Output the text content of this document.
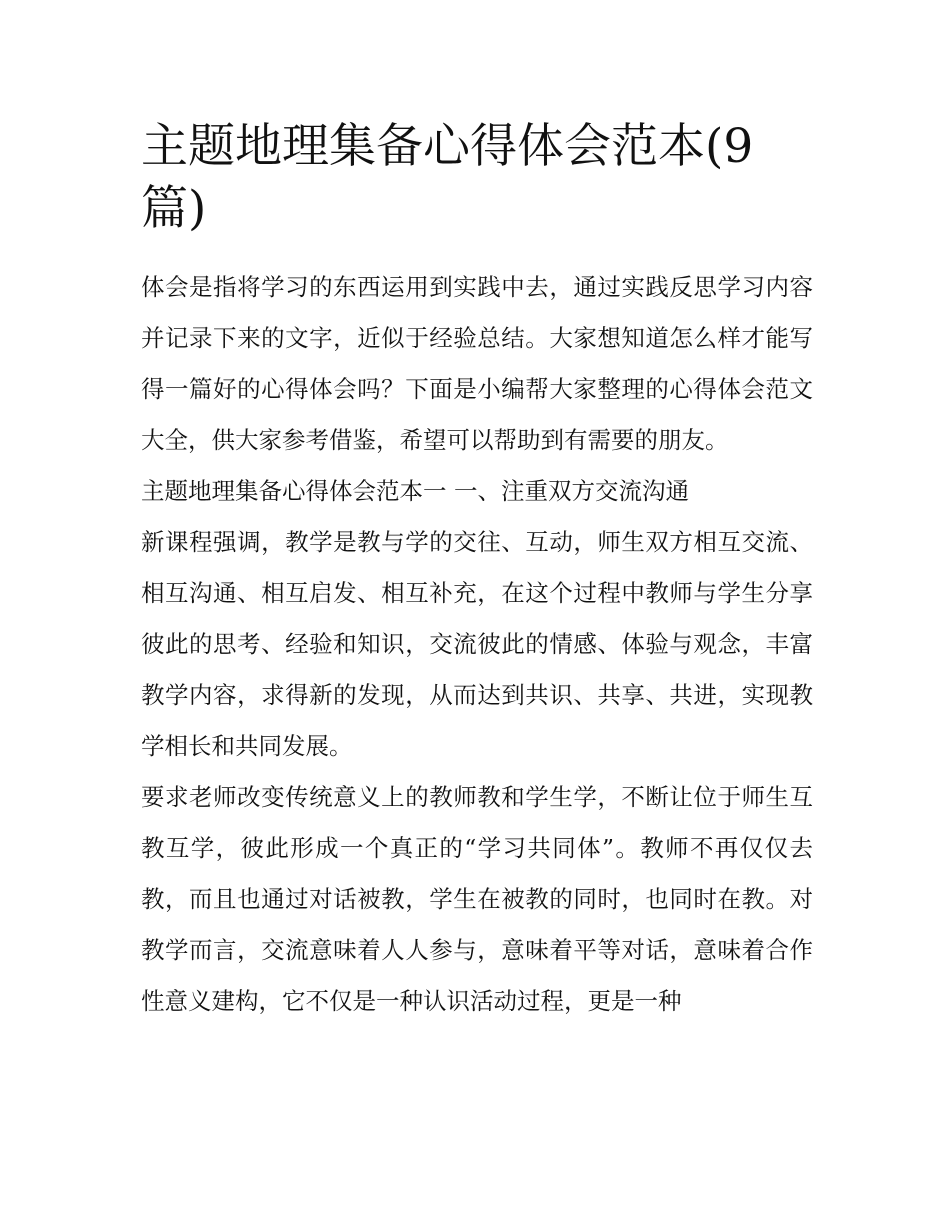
主题地理集备心得体会范本(9篇)

体会是指将学习的东西运用到实践中去，通过实践反思学习内容并记录下来的文字，近似于经验总结。大家想知道怎么样才能写得一篇好的心得体会吗？下面是小编帮大家整理的心得体会范文大全，供大家参考借鉴，希望可以帮助到有需要的朋友。

主题地理集备心得体会范本一 一、注重双方交流沟通

新课程强调，教学是教与学的交往、互动，师生双方相互交流、相互沟通、相互启发、相互补充，在这个过程中教师与学生分享彼此的思考、经验和知识，交流彼此的情感、体验与观念，丰富教学内容，求得新的发现，从而达到共识、共享、共进，实现教学相长和共同发展。

要求老师改变传统意义上的教师教和学生学，不断让位于师生互教互学，彼此形成一个真正的“学习共同体”。教师不再仅仅去教，而且也通过对话被教，学生在被教的同时，也同时在教。对教学而言，交流意味着人人参与，意味着平等对话，意味着合作性意义建构，它不仅是一种认识活动过程，更是一种
